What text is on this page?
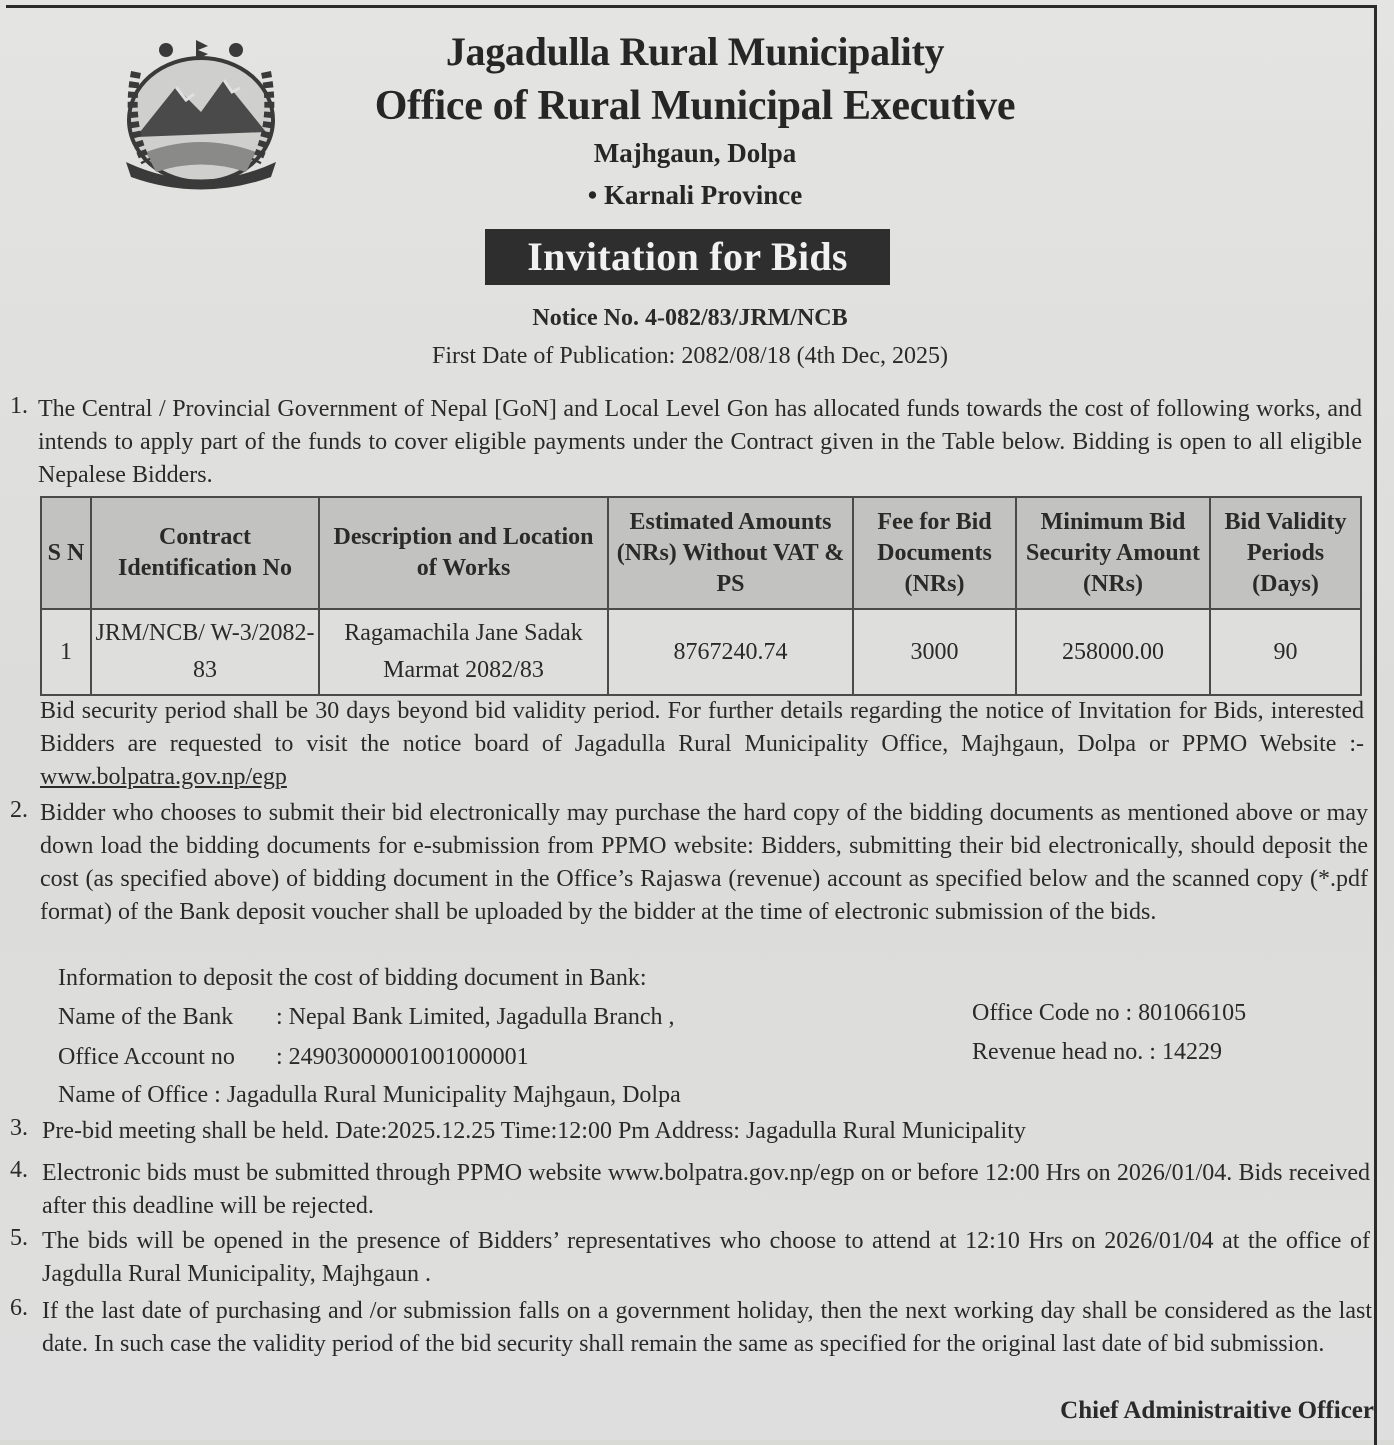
Jagadulla Rural Municipality
Office of Rural Municipal Executive
Majhgaun, Dolpa
• Karnali Province
Invitation for Bids
Notice No. 4-082/83/JRM/NCB
First Date of Publication: 2082/08/18 (4th Dec, 2025)
1. The Central / Provincial Government of Nepal [GoN] and Local Level Gon has allocated funds towards the cost of following works, and intends to apply part of the funds to cover eligible payments under the Contract given in the Table below. Bidding is open to all eligible Nepalese Bidders.
S N	Contract Identification No	Description and Location of Works	Estimated Amounts (NRs) Without VAT & PS	Fee for Bid Documents (NRs)	Minimum Bid Security Amount (NRs)	Bid Validity Periods (Days)
1	JRM/NCB/ W-3/2082-83	Ragamachila Jane Sadak Marmat 2082/83	8767240.74	3000	258000.00	90
Bid security period shall be 30 days beyond bid validity period. For further details regarding the notice of Invitation for Bids, interested Bidders are requested to visit the notice board of Jagadulla Rural Municipality Office, Majhgaun, Dolpa or PPMO Website :- www.bolpatra.gov.np/egp
2. Bidder who chooses to submit their bid electronically may purchase the hard copy of the bidding documents as mentioned above or may down load the bidding documents for e-submission from PPMO website: Bidders, submitting their bid electronically, should deposit the cost (as specified above) of bidding document in the Office’s Rajaswa (revenue) account as specified below and the scanned copy (*.pdf format) of the Bank deposit voucher shall be uploaded by the bidder at the time of electronic submission of the bids.
Information to deposit the cost of bidding document in Bank:
Name of the Bank : Nepal Bank Limited, Jagadulla Branch ,
Office Account no : 24903000001001000001
Name of Office : Jagadulla Rural Municipality Majhgaun, Dolpa
Office Code no : 801066105
Revenue head no. : 14229
3. Pre-bid meeting shall be held. Date:2025.12.25 Time:12:00 Pm Address: Jagadulla Rural Municipality
4. Electronic bids must be submitted through PPMO website www.bolpatra.gov.np/egp on or before 12:00 Hrs on 2026/01/04. Bids received after this deadline will be rejected.
5. The bids will be opened in the presence of Bidders’ representatives who choose to attend at 12:10 Hrs on 2026/01/04 at the office of Jagdulla Rural Municipality, Majhgaun .
6. If the last date of purchasing and /or submission falls on a government holiday, then the next working day shall be considered as the last date. In such case the validity period of the bid security shall remain the same as specified for the original last date of bid submission.
Chief Administraitive Officer
